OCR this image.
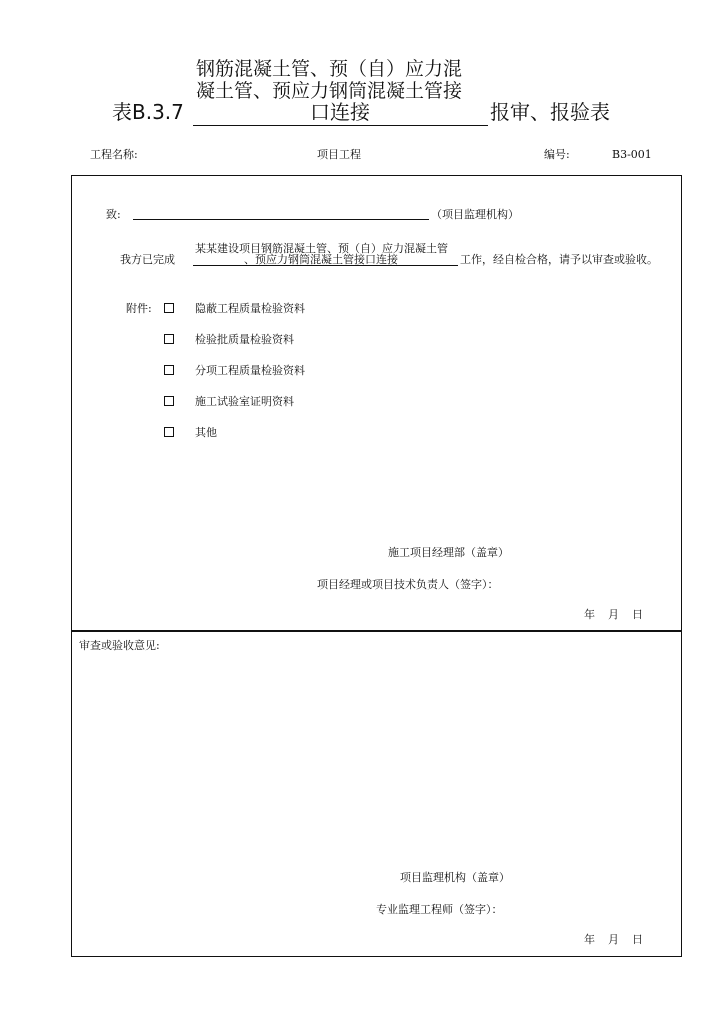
钢筋混凝土管、预（自）应力混
凝土管、预应力钢筒混凝土管接
表B.3.7	口连接	报审、报验表
工程名称:	项目工程	编号:	B3-001
致:	（项目监理机构）
我方已完成
某某建设项目钢筋混凝土管、预（自）应力混凝土管
、预应力钢筒混凝土管接口连接	工作，经自检合格，请予以审查或验收。
附件:	隐蔽工程质量检验资料
检验批质量检验资料
分项工程质量检验资料
施工试验室证明资料
其他
施工项目经理部（盖章）
项目经理或项目技术负责人（签字）：
年 月 日
审查或验收意见:
项目监理机构（盖章）
专业监理工程师（签字）：
年 月 日
